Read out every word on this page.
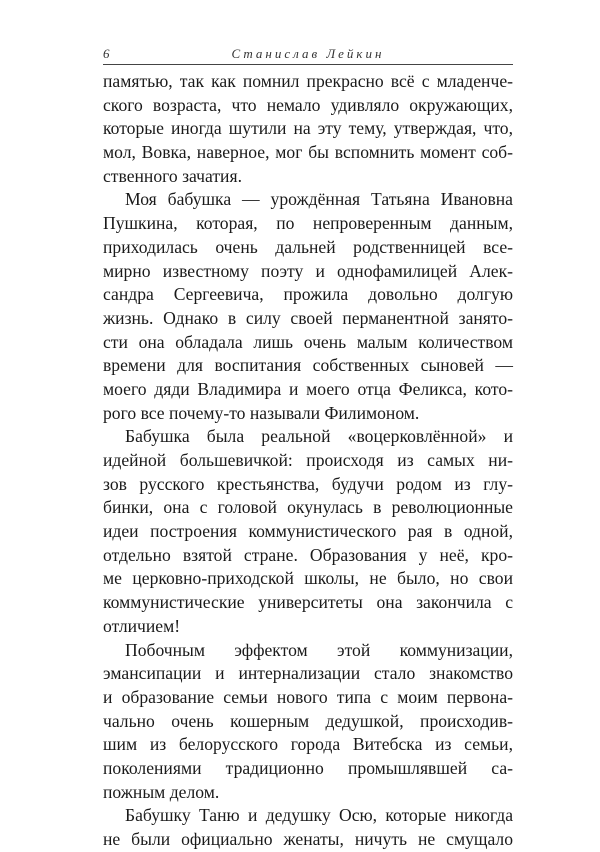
6	Станислав Лейкин
памятью, так как помнил прекрасно всё с младенче-
ского возраста, что немало удивляло окружающих,
которые иногда шутили на эту тему, утверждая, что,
мол, Вовка, наверное, мог бы вспомнить момент соб-
ственного зачатия.
Моя бабушка — урождённая Татьяна Ивановна
Пушкина, которая, по непроверенным данным,
приходилась очень дальней родственницей все-
мирно известному поэту и однофамилицей Алек-
сандра Сергеевича, прожила довольно долгую
жизнь. Однако в силу своей перманентной занято-
сти она обладала лишь очень малым количеством
времени для воспитания собственных сыновей —
моего дяди Владимира и моего отца Феликса, кото-
рого все почему-то называли Филимоном.
Бабушка была реальной «воцерковлённой» и
идейной большевичкой: происходя из самых ни-
зов русского крестьянства, будучи родом из глу-
бинки, она с головой окунулась в революционные
идеи построения коммунистического рая в одной,
отдельно взятой стране. Образования у неё, кро-
ме церковно-приходской школы, не было, но свои
коммунистические университеты она закончила с
отличием!
Побочным эффектом этой коммунизации,
эмансипации и интернализации стало знакомство
и образование семьи нового типа с моим первона-
чально очень кошерным дедушкой, происходив-
шим из белорусского города Витебска из семьи,
поколениями традиционно промышлявшей са-
пожным делом.
Бабушку Таню и дедушку Осю, которые никогда
не были официально женаты, ничуть не смущало
